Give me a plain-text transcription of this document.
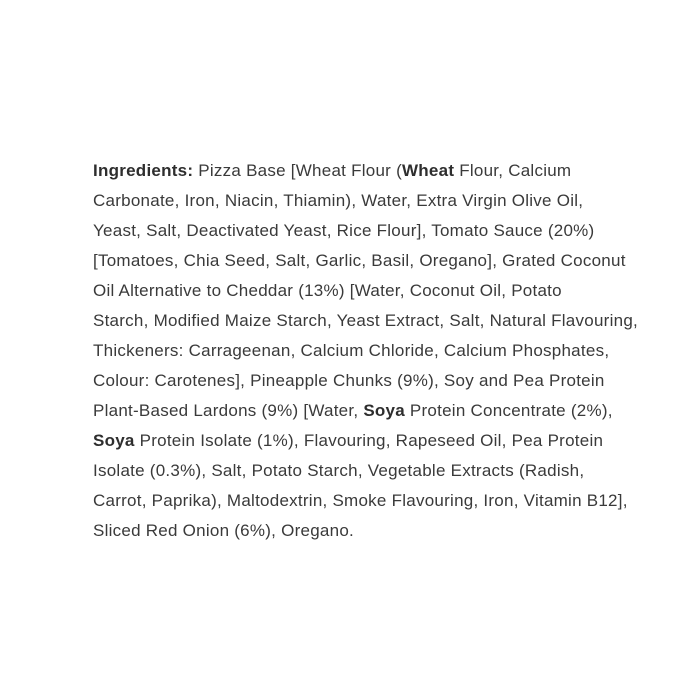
Ingredients: Pizza Base [Wheat Flour (Wheat Flour, Calcium
Carbonate, Iron, Niacin, Thiamin), Water, Extra Virgin Olive Oil,
Yeast, Salt, Deactivated Yeast, Rice Flour], Tomato Sauce (20%)
[Tomatoes, Chia Seed, Salt, Garlic, Basil, Oregano], Grated Coconut
Oil Alternative to Cheddar (13%) [Water, Coconut Oil, Potato
Starch, Modified Maize Starch, Yeast Extract, Salt, Natural Flavouring,
Thickeners: Carrageenan, Calcium Chloride, Calcium Phosphates,
Colour: Carotenes], Pineapple Chunks (9%), Soy and Pea Protein
Plant-Based Lardons (9%) [Water, Soya Protein Concentrate (2%),
Soya Protein Isolate (1%), Flavouring, Rapeseed Oil, Pea Protein
Isolate (0.3%), Salt, Potato Starch, Vegetable Extracts (Radish,
Carrot, Paprika), Maltodextrin, Smoke Flavouring, Iron, Vitamin B12],
Sliced Red Onion (6%), Oregano.
